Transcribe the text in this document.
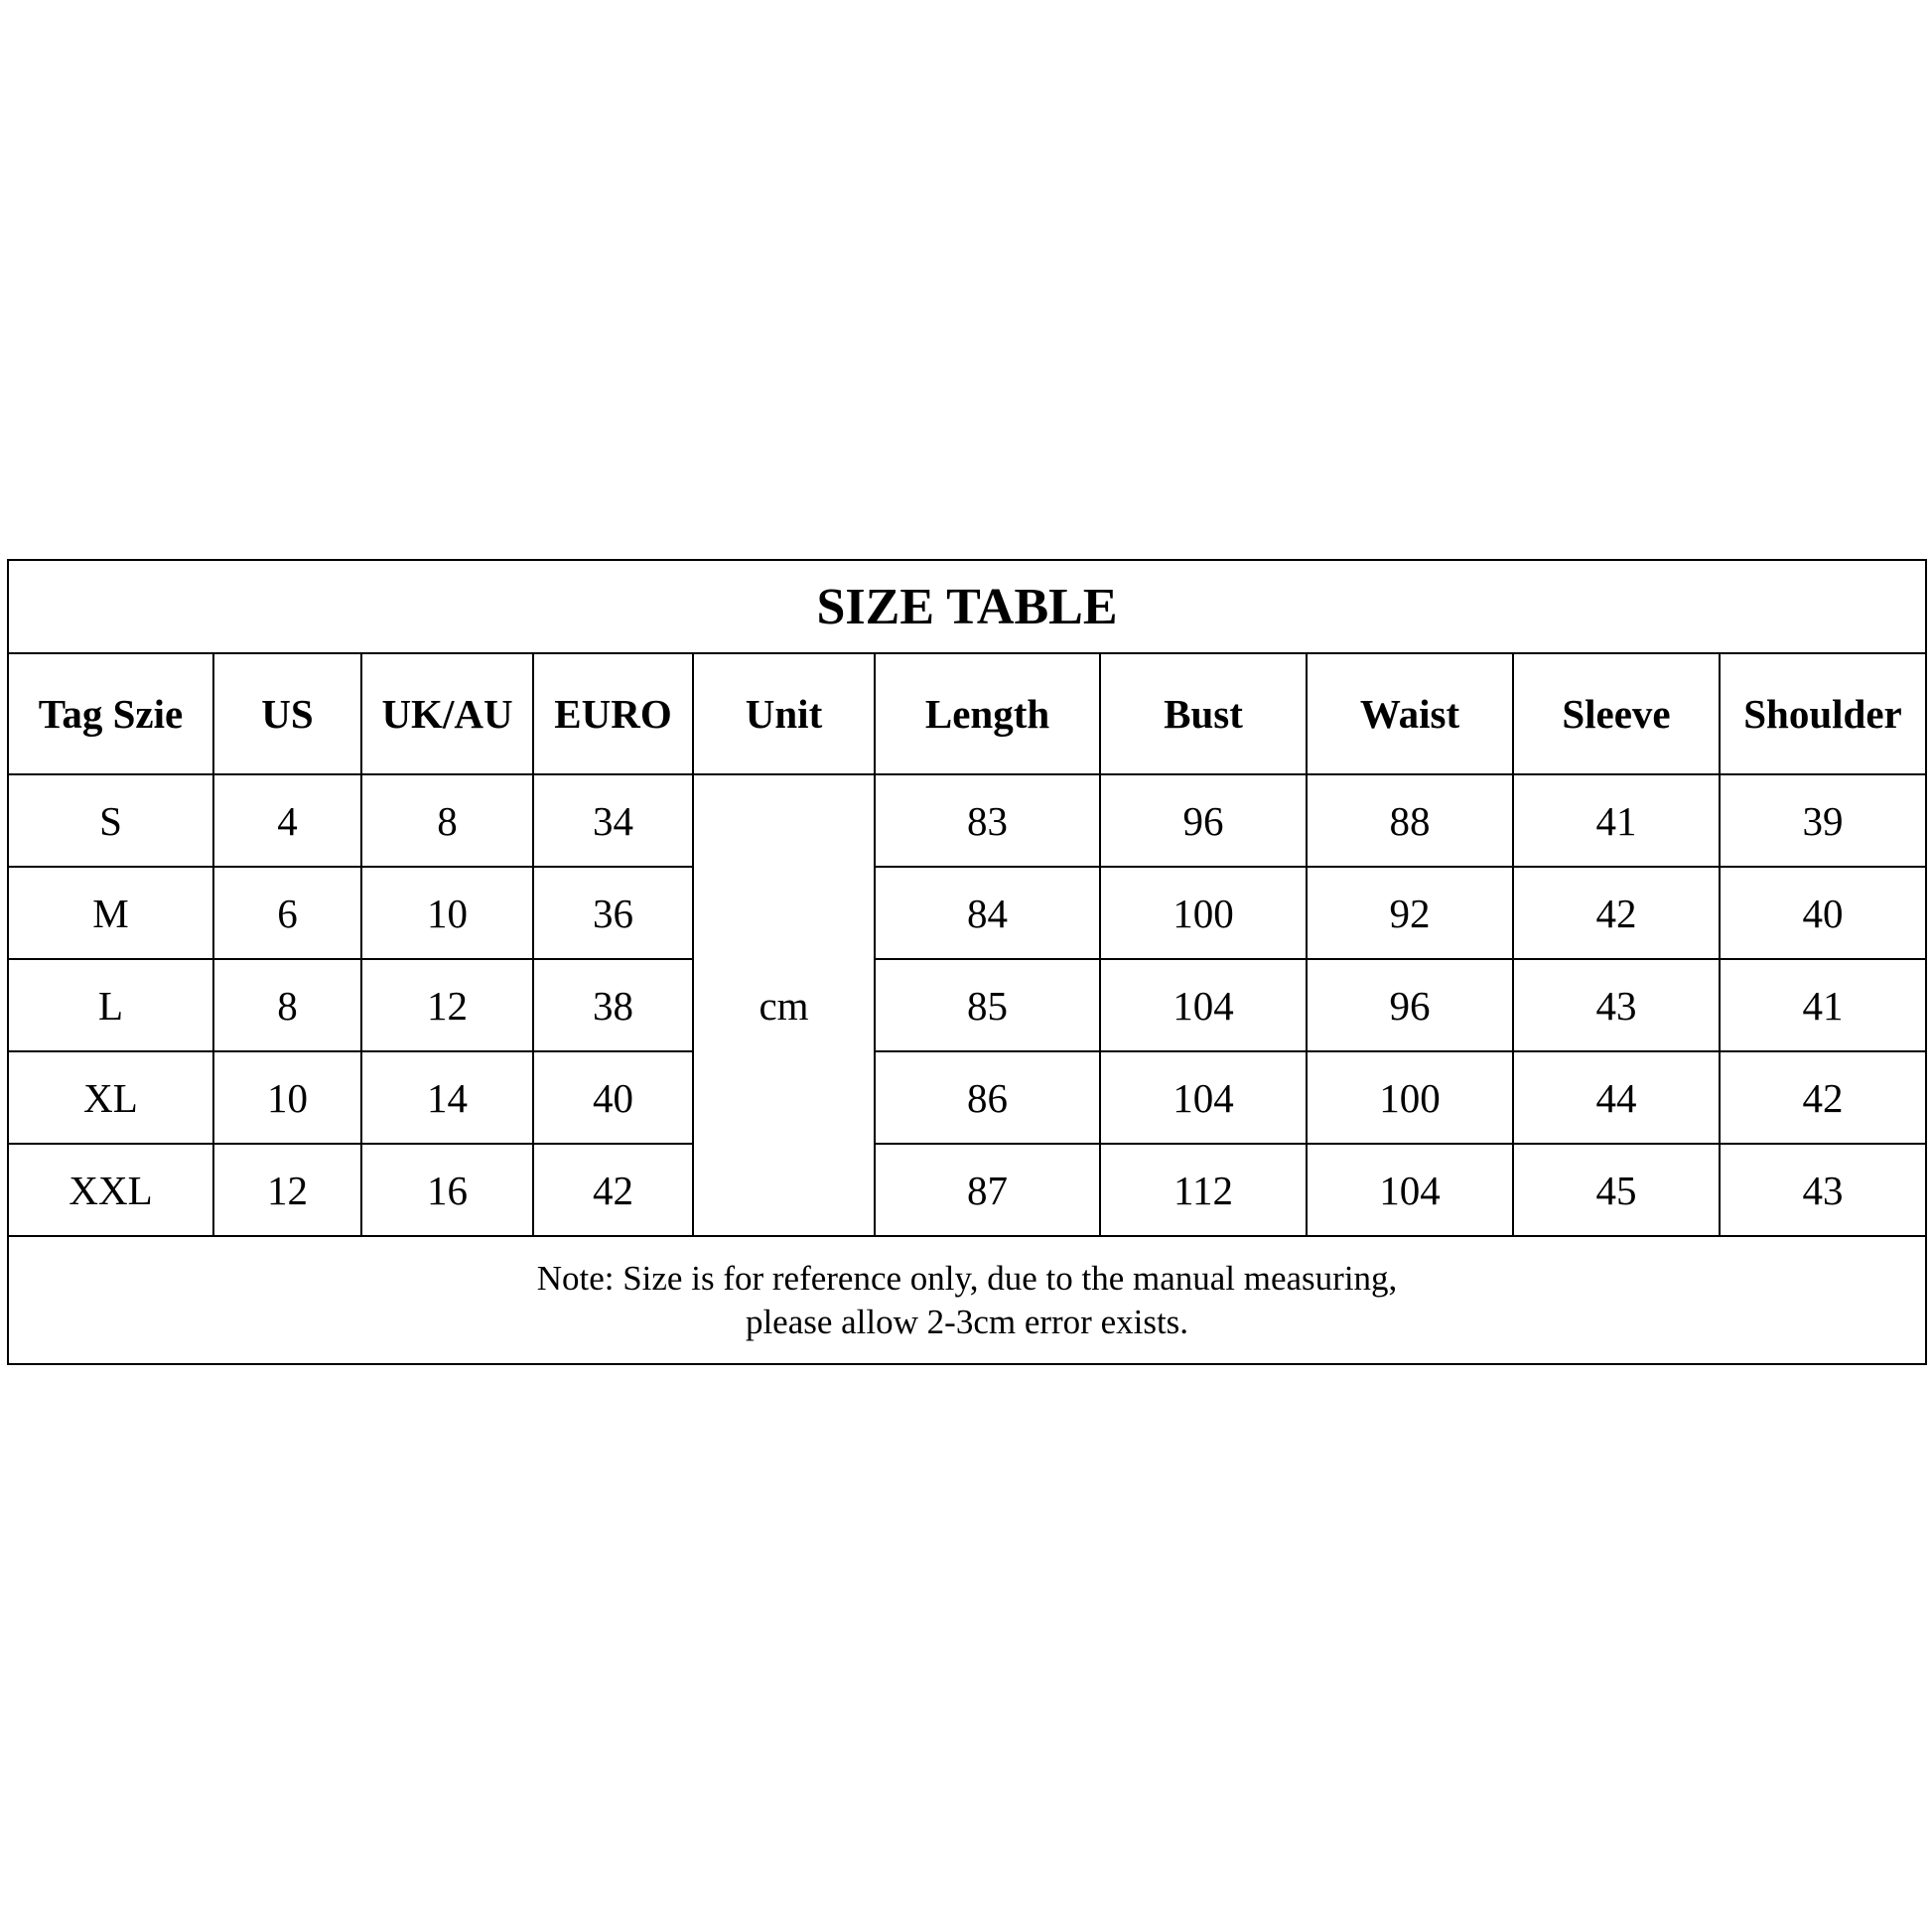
SIZE TABLE									
Tag Szie	US	UK/AU	EURO	Unit	Length	Bust	Waist	Sleeve	Shoulder
S	4	8	34	cm	83	96	88	41	39
M	6	10	36		84	100	92	42	40
L	8	12	38		85	104	96	43	41
XL	10	14	40		86	104	100	44	42
XXL	12	16	42		87	112	104	45	43

Note: Size is for reference only, due to the manual measuring,
please allow 2-3cm error exists.									
